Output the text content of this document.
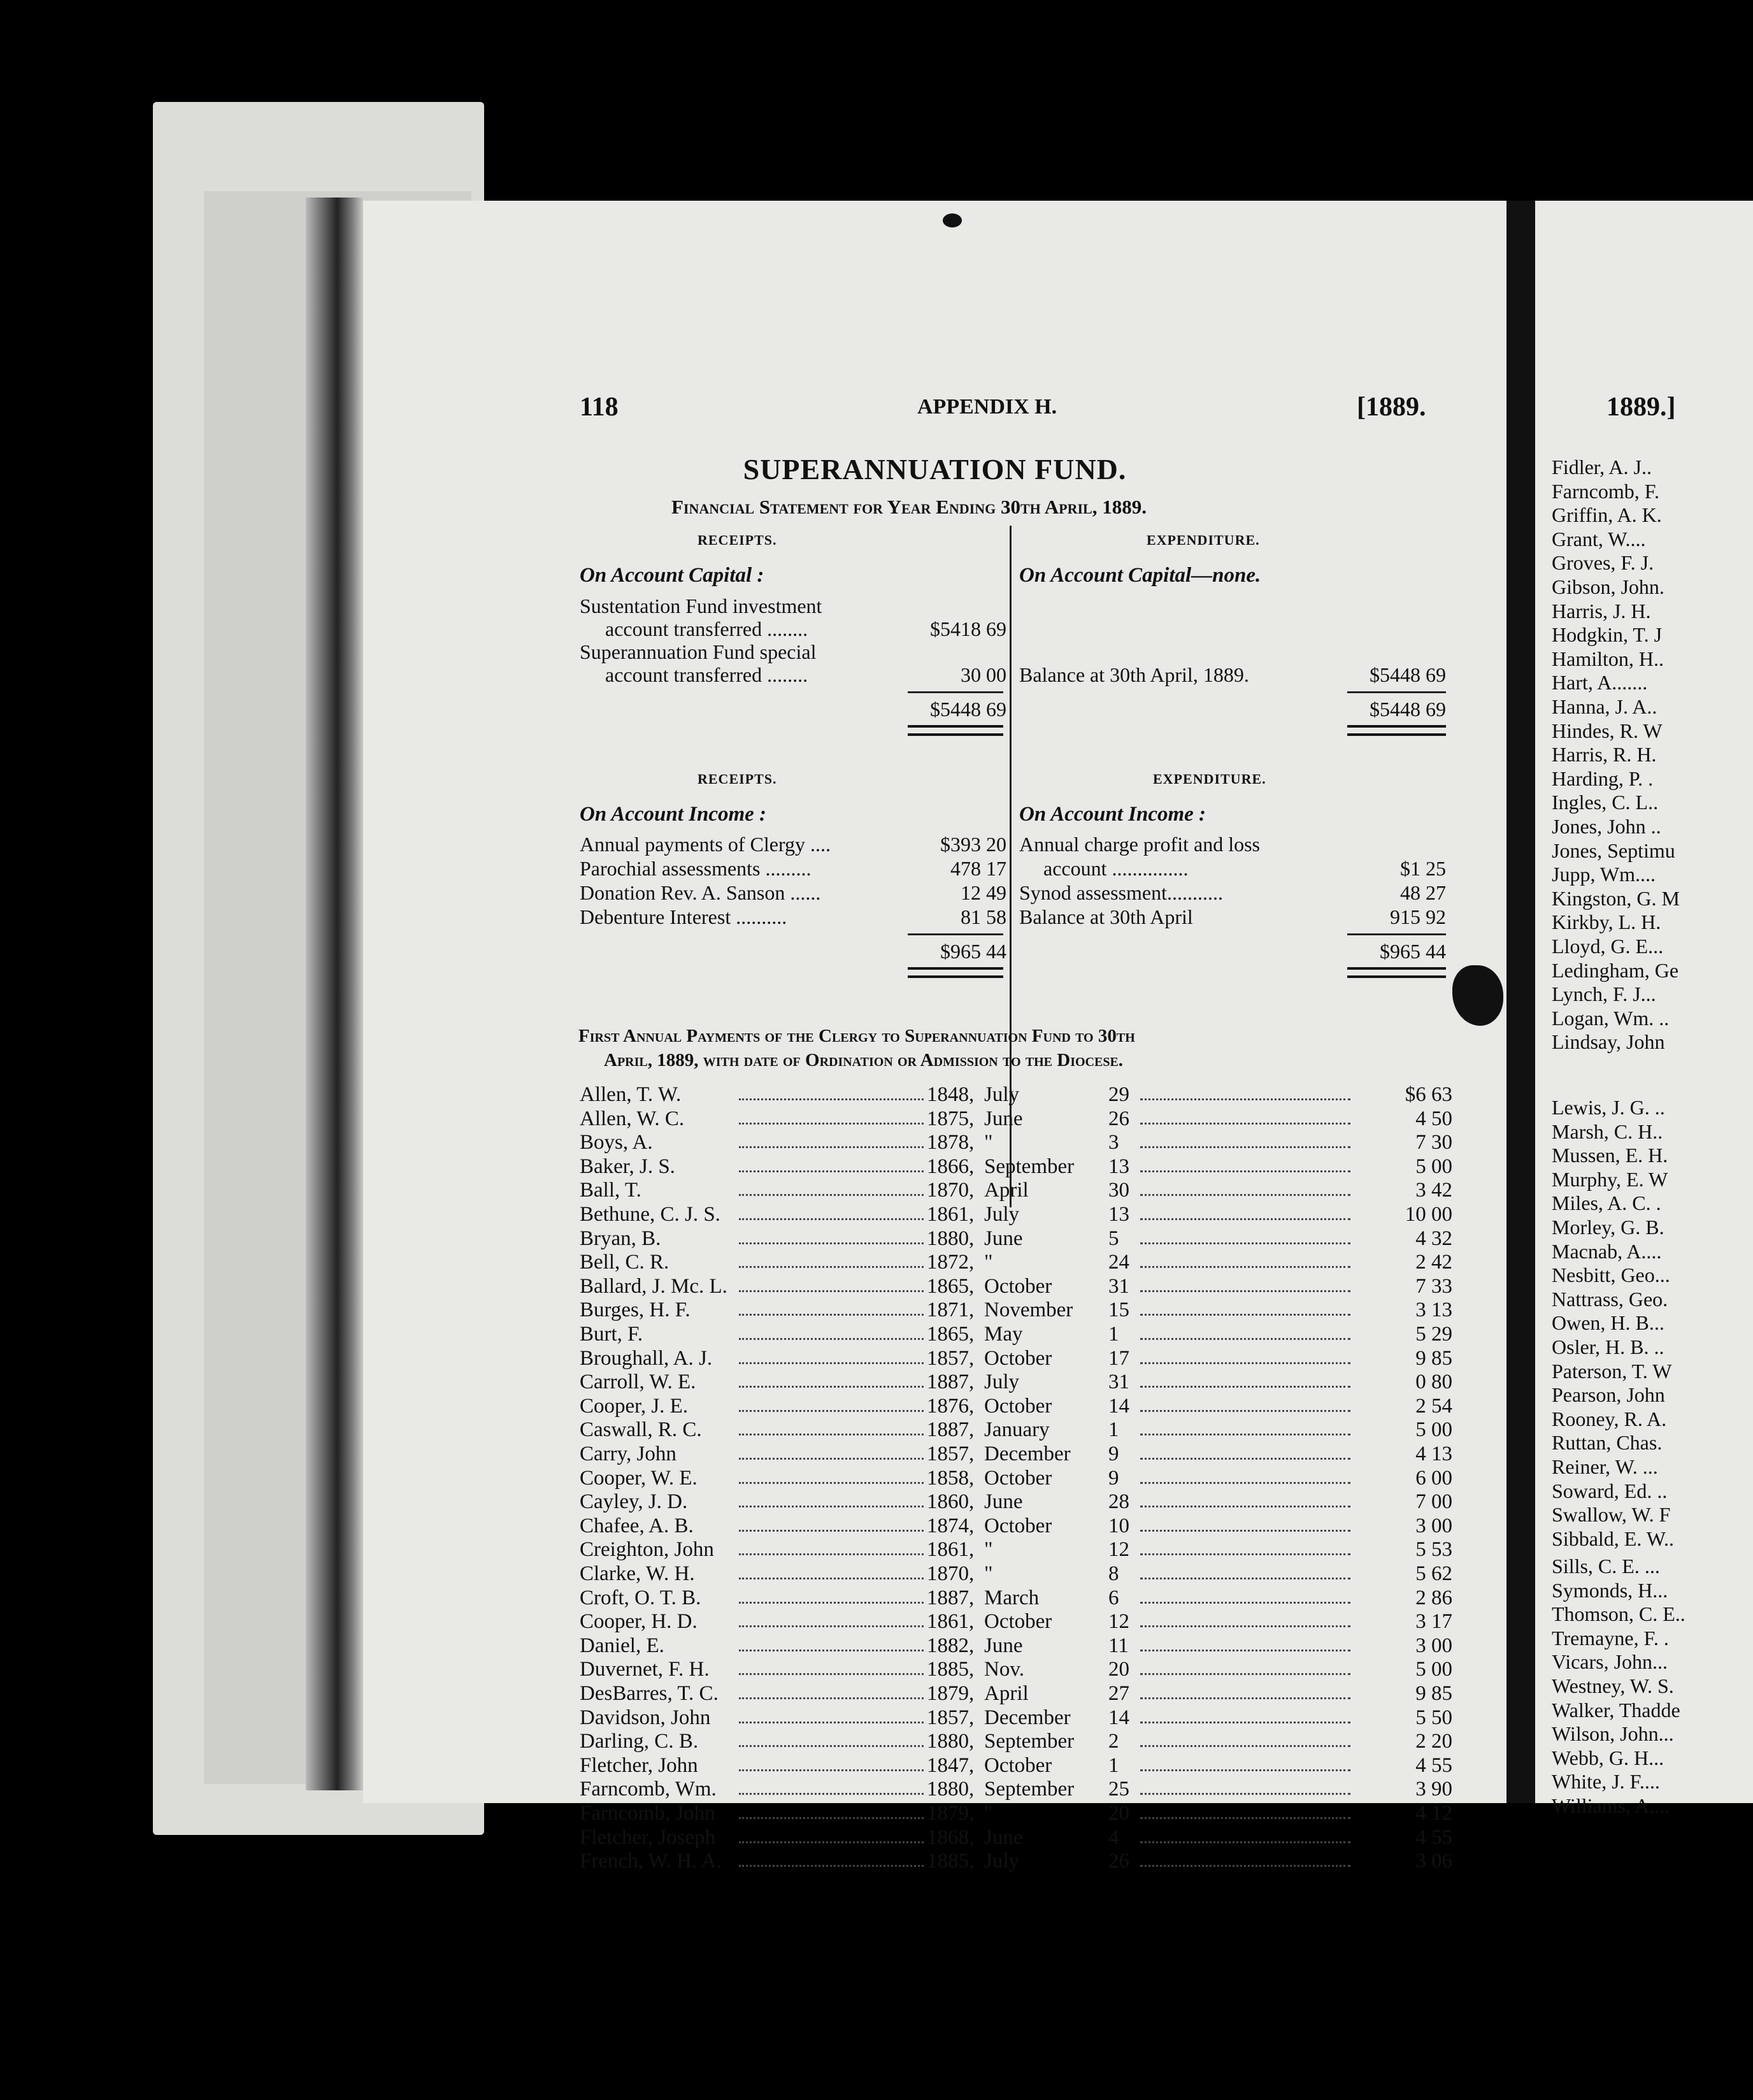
118	APPENDIX H.	[1889.
SUPERANNUATION FUND.
Financial Statement for Year Ending 30th April, 1889.
RECEIPTS.	EXPENDITURE.
On Account Capital :	On Account Capital—none.
Sustentation Fund investment
account transferred ........	$5418 69
Superannuation Fund special
account transferred ........	30 00 Balance at 30th April, 1889.	$5448 69
$5448 69	$5448 69
RECEIPTS.	EXPENDITURE.
On Account Income :	On Account Income :
Annual payments of Clergy ....	$393 20
Parochial assessments .........	478 17
Donation Rev. A. Sanson ......	12 49
Debenture Interest ..........	81 58
Annual charge profit and loss
account ...............	$1 25
Synod assessment...........	48 27
Balance at 30th April	915 92
$965 44	$965 44
First Annual Payments of the Clergy to Superannuation Fund to 30th
April, 1889, with date of Ordination or Admission to the Diocese.
Allen, T. W.	1848, July	29	$6 63
Allen, W. C.	1875, June	26	4 50
Boys, A.	1878, "	3	7 30
Baker, J. S.	1866, September 13	5 00
Ball, T.	1870, April	30	3 42
Bethune, C. J. S.	1861, July	13	10 00
Bryan, B.	1880, June	5	4 32
Bell, C. R.	1872, "	24	2 42
Ballard, J. Mc. L.	1865, October	31	7 33
Burges, H. F.	1871, November 15	3 13
Burt, F.	1865, May	1	5 29
Broughall, A. J.	1857, October	17	9 85
Carroll, W. E.	1887, July	31	0 80
Cooper, J. E.	1876, October	14	2 54
Caswall, R. C.	1887, January	1	5 00
Carry, John	1857, December 9	4 13
Cooper, W. E.	1858, October	9	6 00
Cayley, J. D.	1860, June	28	7 00
Chafee, A. B.	1874, October	10	3 00
Creighton, John	1861, "	12	5 53
Clarke, W. H.	1870, "	8	5 62
Croft, O. T. B.	1887, March	6	2 86
Cooper, H. D.	1861, October	12	3 17
Daniel, E.	1882, June	11	3 00
Duvernet, F. H.	1885, Nov.	20	5 00
DesBarres, T. C.	1879, April	27	9 85
Davidson, John	1857, December 14	5 50
Darling, C. B.	1880, September 2	2 20
Fletcher, John	1847, October	1	4 55
Farncomb, Wm.	1880, September 25	3 90
Farncomb, John	1879, "	20	4 12
Fletcher, Joseph	1868, June	4	4 55
French, W. H. A.	1885, July	26	3 06
1889.]
Fidler, A. J..
Farncomb, F.
Griffin, A. K.
Grant, W....
Groves, F. J.
Gibson, John.
Harris, J. H.
Hodgkin, T. J
Hamilton, H..
Hart, A.......
Hanna, J. A..
Hindes, R. W
Harris, R. H.
Harding, P. .
Ingles, C. L..
Jones, John ..
Jones, Septimu
Jupp, Wm....
Kingston, G. M
Kirkby, L. H.
Lloyd, G. E...
Ledingham, Ge
Lynch, F. J...
Logan, Wm. ..
Lindsay, John
Lewis, J. G. ..
Marsh, C. H..
Mussen, E. H.
Murphy, E. W
Miles, A. C. .
Morley, G. B.
Macnab, A....
Nesbitt, Geo...
Nattrass, Geo.
Owen, H. B...
Osler, H. B. ..
Paterson, T. W
Pearson, John
Rooney, R. A.
Ruttan, Chas.
Reiner, W. ...
Soward, Ed. ..
Swallow, W. F
Sibbald, E. W..
Sills, C. E. ...
Symonds, H...
Thomson, C. E..
Tremayne, F. .
Vicars, John...
Westney, W. S.
Walker, Thadde
Wilson, John...
Webb, G. H...
White, J. F....
Williams, A....
